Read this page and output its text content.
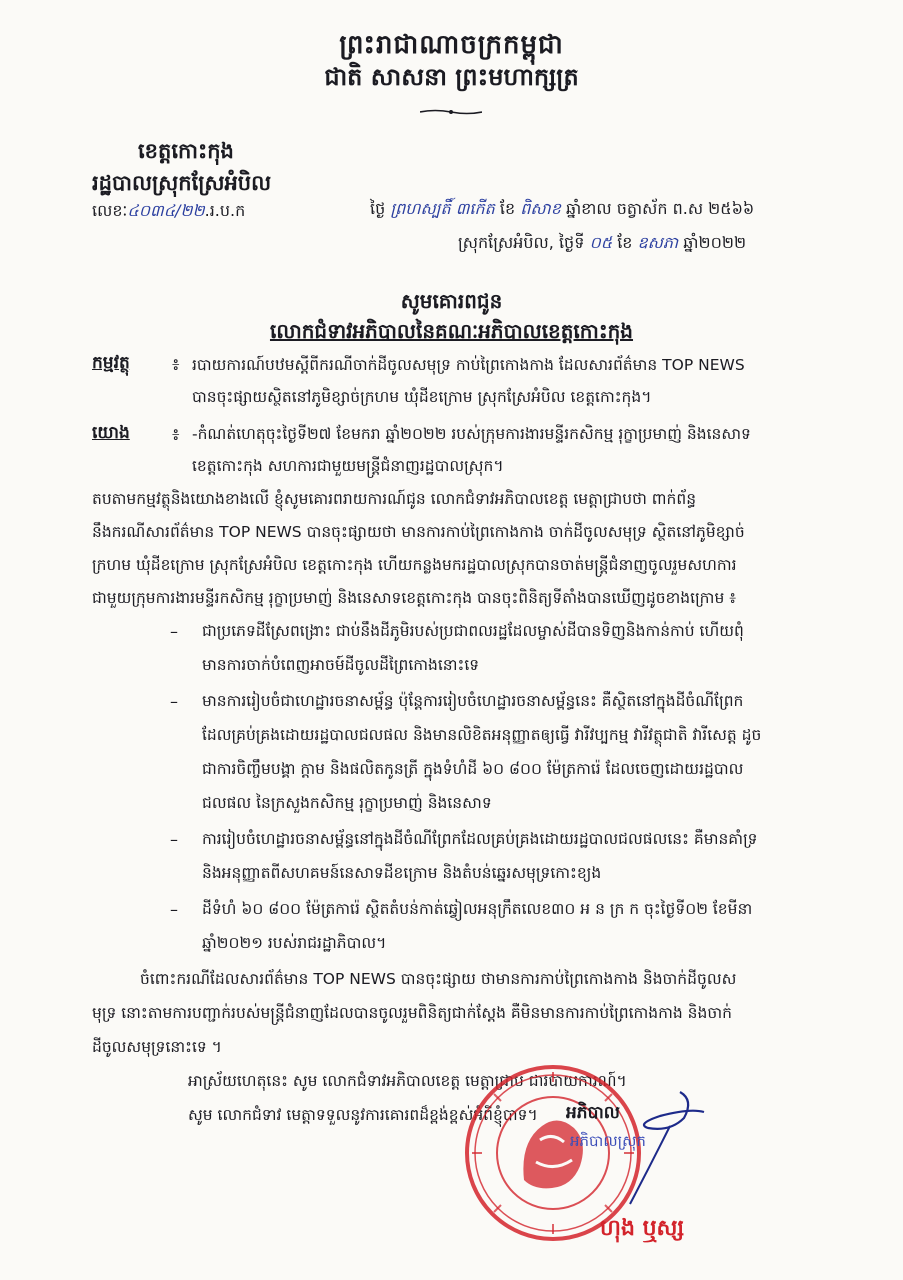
ព្រះរាជាណាចក្រកម្ពុជា
ជាតិ សាសនា ព្រះមហាក្សត្រ
ខេត្តកោះកុង
រដ្ឋបាលស្រុកស្រែអំបិល
លេខៈ៤០៣៤/២២.រ.ប.ក	ថ្ងៃ ព្រហស្បតិ៍ ៣កើត ខែ ពិសាខ ឆ្នាំខាល ចត្វាស័ក ព.ស ២៥៦៦
ស្រុកស្រែអំបិល, ថ្ងៃទី ០៥ ខែ ឧសភា ឆ្នាំ២០២២
សូមគោរពជូន
លោកជំទាវអភិបាលនៃគណៈអភិបាលខេត្តកោះកុង
កម្មវត្ថុ ៖ របាយការណ៍បឋមស្តីពីករណីចាក់ដីចូលសមុទ្រ កាប់ព្រៃកោងកាង ដែលសារព័ត៌មាន TOP NEWS
បានចុះផ្សាយស្ថិតនៅភូមិខ្សាច់ក្រហម ឃុំដីខក្រោម ស្រុកស្រែអំបិល ខេត្តកោះកុង។
យោង ៖ -កំណត់ហេតុចុះថ្ងៃទី២៧ ខែមករា ឆ្នាំ២០២២ របស់ក្រុមការងារមន្ទីរកសិកម្ម រុក្ខាប្រមាញ់ និងនេសាទ
ខេត្តកោះកុង សហការជាមួយមន្ត្រីជំនាញរដ្ឋបាលស្រុក។
តបតាមកម្មវត្ថុនិងយោងខាងលើ ខ្ញុំសូមគោរពរាយការណ៍ជូន លោកជំទាវអភិបាលខេត្ត មេត្តាជ្រាបថា ពាក់ព័ន្ធ
នឹងករណីសារព័ត៌មាន TOP NEWS បានចុះផ្សាយថា មានការកាប់ព្រៃកោងកាង ចាក់ដីចូលសមុទ្រ ស្ថិតនៅភូមិខ្សាច់
ក្រហម ឃុំដីខក្រោម ស្រុកស្រែអំបិល ខេត្តកោះកុង ហើយកន្លងមករដ្ឋបាលស្រុកបានចាត់មន្ត្រីជំនាញចូលរួមសហការ
ជាមួយក្រុមការងារមន្ទីរកសិកម្ម រុក្ខាប្រមាញ់ និងនេសាទខេត្តកោះកុង បានចុះពិនិត្យទីតាំងបានឃើញដូចខាងក្រោម ៖
– ជាប្រភេទដីស្រែពង្រោះ ជាប់នឹងដីភូមិរបស់ប្រជាពលរដ្ឋដែលម្ចាស់ដីបានទិញនិងកាន់កាប់ ហើយពុំ
មានការចាក់បំពេញអាចម៍ដីចូលដីព្រៃកោងនោះទេ
– មានការរៀបចំជាហេដ្ឋារចនាសម្ព័ន្ធ ប៉ុន្តែការរៀបចំហេដ្ឋារចនាសម្ព័ន្ធនេះ គឺស្ថិតនៅក្នុងដីចំណីព្រែក
ដែលគ្រប់គ្រងដោយរដ្ឋបាលជលផល និងមានលិខិតអនុញ្ញាតឲ្យធ្វើ វារីវប្បកម្ម វារីវត្ថុជាតិ វារីសេត្ត ដូច
ជាការចិញ្ចឹមបង្គា ក្ដាម និងផលិតកូនត្រី ក្នុងទំហំដី ៦០ ៨០០ ម៉ែត្រការ៉េ ដែលចេញដោយរដ្ឋបាល
ជលផល នៃក្រសួងកសិកម្ម រុក្ខាប្រមាញ់ និងនេសាទ
– ការរៀបចំហេដ្ឋារចនាសម្ព័ន្ធនៅក្នុងដីចំណីព្រែកដែលគ្រប់គ្រងដោយរដ្ឋបាលជលផលនេះ គឺមានគាំទ្រ
និងអនុញ្ញាតពីសហគមន៍នេសាទដីខក្រោម និងតំបន់ឆ្នេរសមុទ្រកោះខ្យង
– ដីទំហំ ៦០ ៨០០ ម៉ែត្រការ៉េ ស្ថិតតំបន់កាត់ឆ្វៀលអនុក្រឹតលេខ៣០ អ ន ក្រ ក ចុះថ្ងៃទី០២ ខែមីនា
ឆ្នាំ២០២១ របស់រាជរដ្ឋាភិបាល។
ចំពោះករណីដែលសារព័ត៌មាន TOP NEWS បានចុះផ្សាយ ថាមានការកាប់ព្រៃកោងកាង និងចាក់ដីចូលស
មុទ្រ នោះតាមការបញ្ជាក់របស់មន្ត្រីជំនាញដែលបានចូលរួមពិនិត្យជាក់ស្តែង គឺមិនមានការកាប់ព្រៃកោងកាង និងចាក់
ដីចូលសមុទ្រនោះទេ ។
អាស្រ័យហេតុនេះ សូម លោកជំទាវអភិបាលខេត្ត មេត្តាជ្រាប ជារបាយការណ៍។
សូម លោកជំទាវ មេត្តាទទួលនូវការគោរពដ៏ខ្ពង់ខ្ពស់អំពីខ្ញុំបាទ។ អភិបាល
អភិបាលស្រុក
ហុង ឬស្ស
